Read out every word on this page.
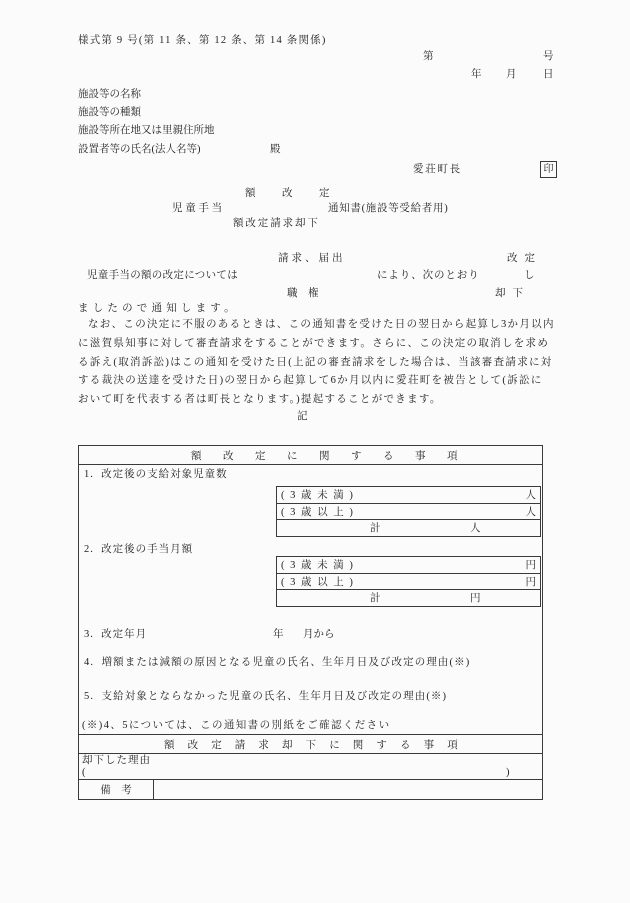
様式第 9 号(第 11 条、第 12 条、第 14 条関係)
第	号
年 月	日
施設等の名称
施設等の種類
施設等所在地又は里親住所地
設置者等の氏名(法人名等)	殿
愛荘町長	印
額　改　定
児童手当	通知書(施設等受給者用)
額改定請求却下
請求、届出	改定
児童手当の額の改定については	により、次のとおり	し
職　権	却下
ましたので通知します。
なお、この決定に不服のあるときは、この通知書を受けた日の翌日から起算し3か月以内
に滋賀県知事に対して審査請求をすることができます。さらに、この決定の取消しを求め
る訴え(取消訴訟)はこの通知を受けた日(上記の審査請求をした場合は、当該審査請求に対
する裁決の送達を受けた日)の翌日から起算して6か月以内に愛荘町を被告として(訴訟に
おいて町を代表する者は町長となります。)提起することができます。
記
額　改　定　に　関　す　る　事　項
1.  改定後の支給対象児童数
( 3 歳 未 満 )	人
( 3 歳 以 上 )	人
計	人
2.  改定後の手当月額
( 3 歳 未 満 )	円
( 3 歳 以 上 )	円
計	円
3.  改定年月	年 月から
4.  増額または減額の原因となる児童の氏名、生年月日及び改定の理由(※)
5.  支給対象とならなかった児童の氏名、生年月日及び改定の理由(※)
(※)4、5については、この通知書の別紙をご確認ください
額　改　定　請　求　却　下　に　関　す　る　事　項
却下した理由
(	)
備　考
